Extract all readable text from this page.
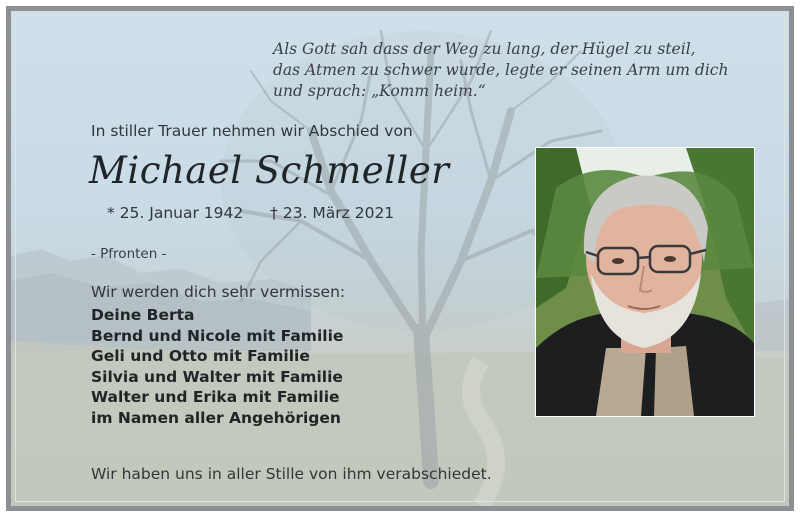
Als Gott sah dass der Weg zu lang, der Hügel zu steil,
das Atmen zu schwer wurde, legte er seinen Arm um dich
und sprach: „Komm heim.“
In stiller Trauer nehmen wir Abschied von
Michael Schmeller
* 25. Januar 1942 † 23. März 2021
- Pfronten -
Wir werden dich sehr vermissen:
Deine Berta
Bernd und Nicole mit Familie
Geli und Otto mit Familie
Silvia und Walter mit Familie
Walter und Erika mit Familie
im Namen aller Angehörigen
Wir haben uns in aller Stille von ihm verabschiedet.
